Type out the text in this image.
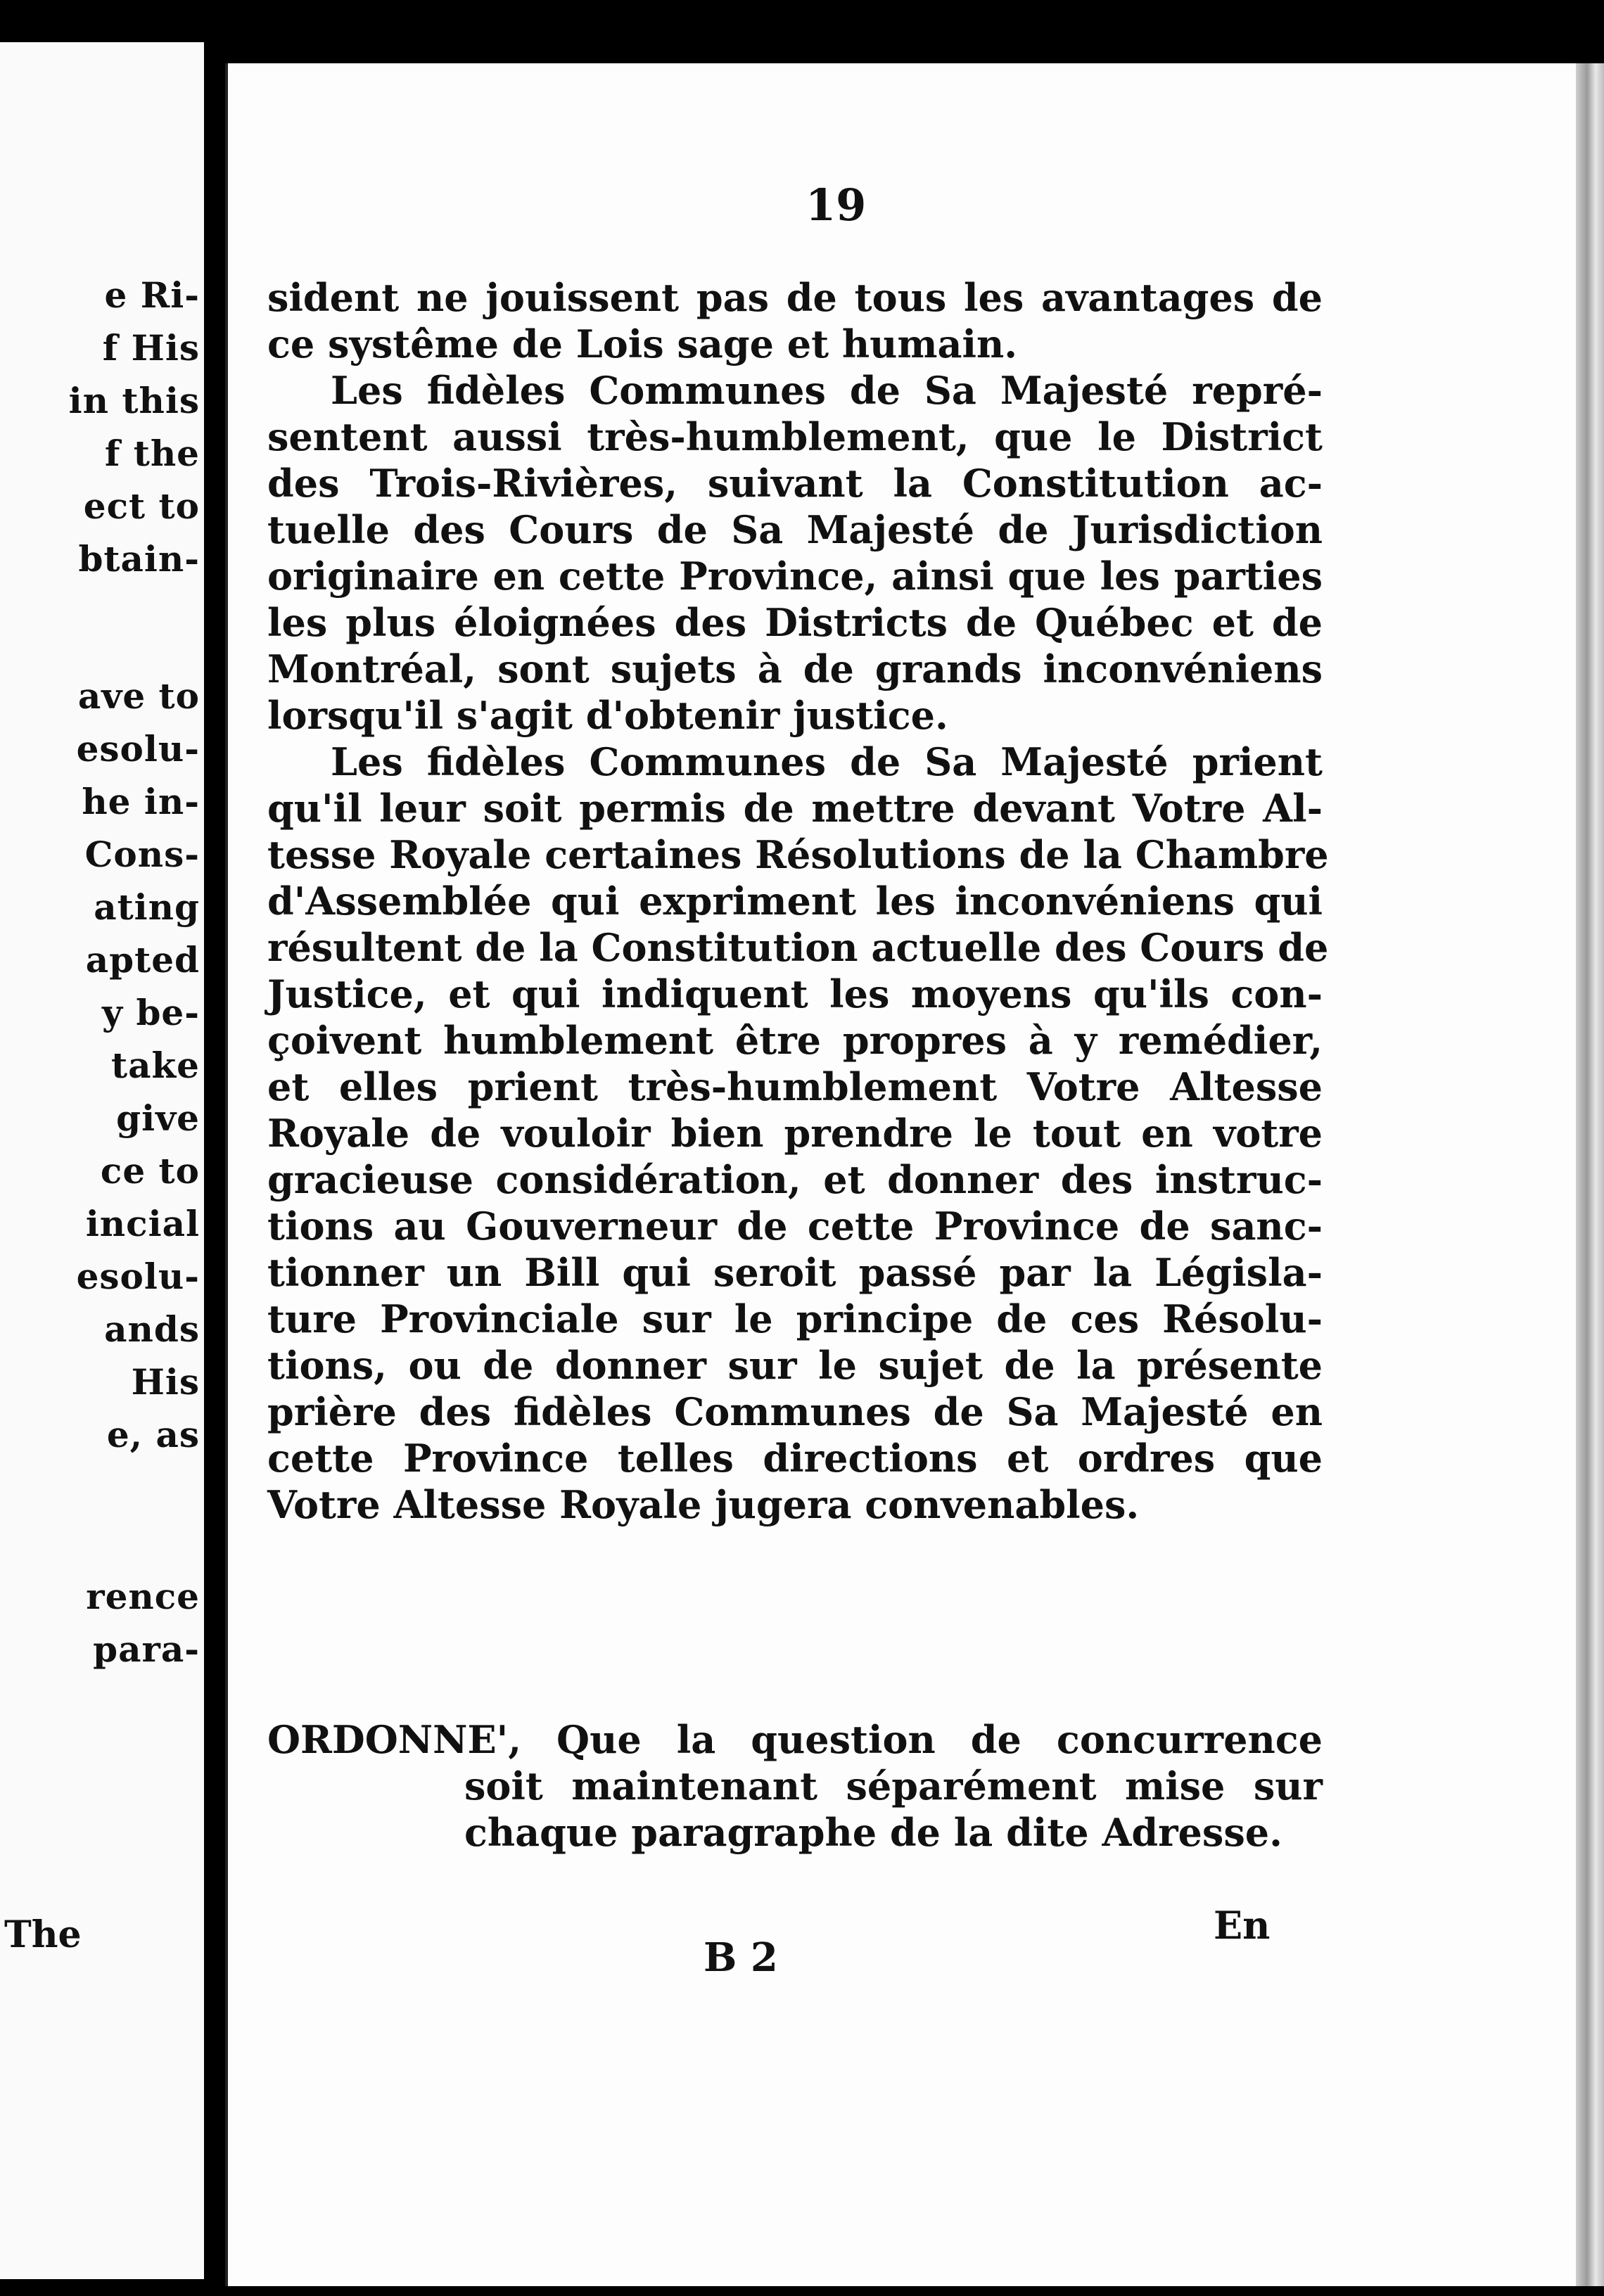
e Ri-
f His
in this
f the
ect to
btain-
ave to
esolu-
he in-
Cons-
ating
apted
y be-
take
give
ce to
incial
esolu-
ands
His
e, as
rence
para-
The
19
sident ne jouissent pas de tous les avantages de
ce systême de Lois sage et humain.
Les fidèles Communes de Sa Majesté repré-
sentent aussi très-humblement, que le District
des Trois-Rivières, suivant la Constitution ac-
tuelle des Cours de Sa Majesté de Jurisdiction
originaire en cette Province, ainsi que les parties
les plus éloignées des Districts de Québec et de
Montréal, sont sujets à de grands inconvéniens
lorsqu'il s'agit d'obtenir justice.
Les fidèles Communes de Sa Majesté prient
qu'il leur soit permis de mettre devant Votre Al-
tesse Royale certaines Résolutions de la Chambre
d'Assemblée qui expriment les inconvéniens qui
résultent de la Constitution actuelle des Cours de
Justice, et qui indiquent les moyens qu'ils con-
çoivent humblement être propres à y remédier,
et elles prient très-humblement Votre Altesse
Royale de vouloir bien prendre le tout en votre
gracieuse considération, et donner des instruc-
tions au Gouverneur de cette Province de sanc-
tionner un Bill qui seroit passé par la Législa-
ture Provinciale sur le principe de ces Résolu-
tions, ou de donner sur le sujet de la présente
prière des fidèles Communes de Sa Majesté en
cette Province telles directions et ordres que
Votre Altesse Royale jugera convenables.
ORDONNE', Que la question de concurrence
soit maintenant séparément mise sur
chaque paragraphe de la dite Adresse.
En
B 2
